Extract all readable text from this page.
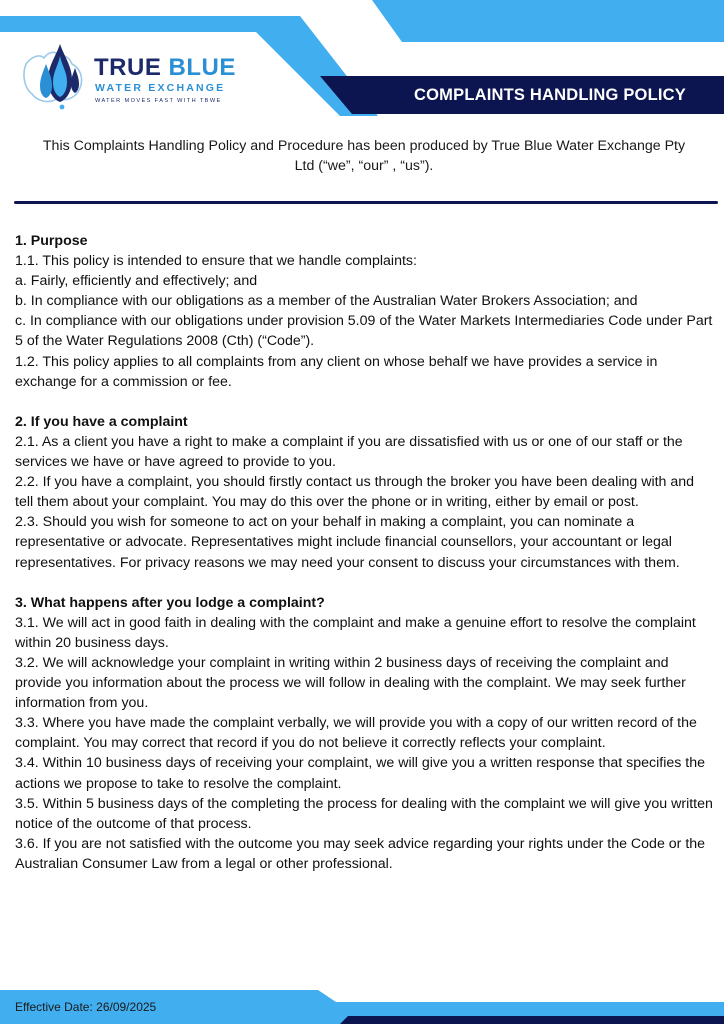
TRUE BLUE
WATER EXCHANGE
WATER MOVES FAST WITH TBWE	COMPLAINTS HANDLING POLICY

This Complaints Handling Policy and Procedure has been produced by True Blue Water Exchange Pty Ltd (“we”, “our” , “us”).

1. Purpose

1.1. This policy is intended to ensure that we handle complaints:

a. Fairly, efficiently and effectively; and

b. In compliance with our obligations as a member of the Australian Water Brokers Association; and

c. In compliance with our obligations under provision 5.09 of the Water Markets Intermediaries Code under Part 5 of the Water Regulations 2008 (Cth) (“Code”).

1.2. This policy applies to all complaints from any client on whose behalf we have provides a service in exchange for a commission or fee.

2. If you have a complaint

2.1. As a client you have a right to make a complaint if you are dissatisfied with us or one of our staff or the services we have or have agreed to provide to you.

2.2. If you have a complaint, you should firstly contact us through the broker you have been dealing with and tell them about your complaint. You may do this over the phone or in writing, either by email or post.

2.3. Should you wish for someone to act on your behalf in making a complaint, you can nominate a representative or advocate. Representatives might include financial counsellors, your accountant or legal representatives. For privacy reasons we may need your consent to discuss your circumstances with them.

3. What happens after you lodge a complaint?

3.1. We will act in good faith in dealing with the complaint and make a genuine effort to resolve the complaint within 20 business days.

3.2. We will acknowledge your complaint in writing within 2 business days of receiving the complaint and provide you information about the process we will follow in dealing with the complaint. We may seek further information from you.

3.3. Where you have made the complaint verbally, we will provide you with a copy of our written record of the complaint. You may correct that record if you do not believe it correctly reflects your complaint.

3.4. Within 10 business days of receiving your complaint, we will give you a written response that specifies the actions we propose to take to resolve the complaint.

3.5. Within 5 business days of the completing the process for dealing with the complaint we will give you written notice of the outcome of that process.

3.6. If you are not satisfied with the outcome you may seek advice regarding your rights under the Code or the Australian Consumer Law from a legal or other professional.

Effective Date: 26/09/2025
